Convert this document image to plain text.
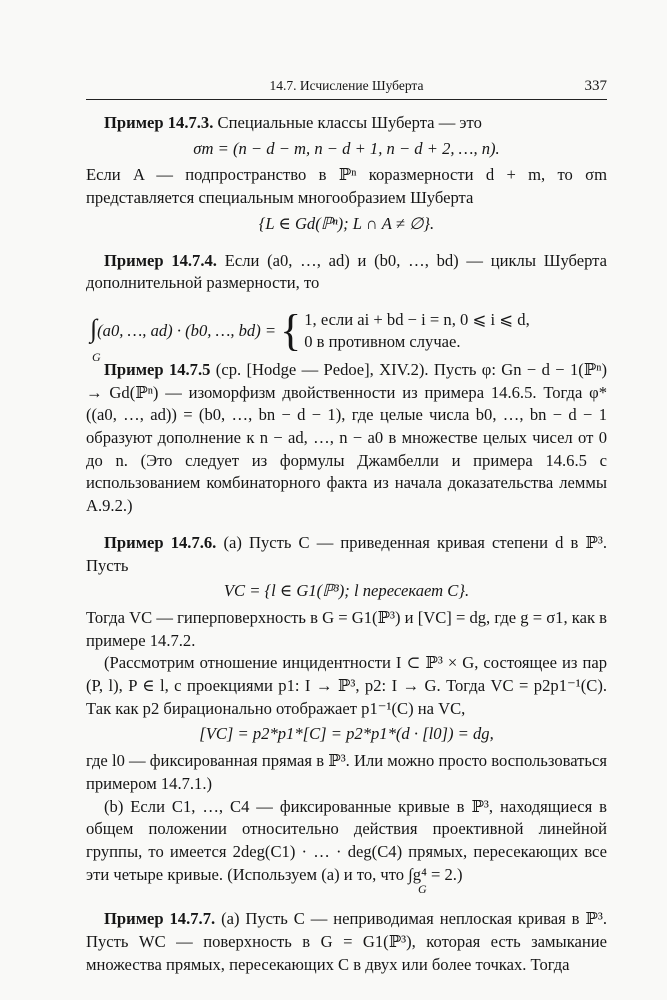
14.7. Исчисление Шуберта	337

Пример 14.7.3. Специальные классы Шуберта — это

σm = (n − d − m, n − d + 1, n − d + 2, …, n).

Если A — подпространство в ℙⁿ коразмерности d + m, то σm представляется специальным многообразием Шуберта

{L ∈ Gd(ℙⁿ); L ∩ A ≠ ∅}.

Пример 14.7.4. Если (a0, …, ad) и (b0, …, bd) — циклы Шуберта дополнительной размерности, то

∫
G
(a0, …, ad) · (b0, …, bd) = { 1, если ai + bd − i = n, 0 ⩽ i ⩽ d,
0 в противном случае.

Пример 14.7.5 (ср. [Hodge — Pedoe], XIV.2). Пусть φ: Gn − d − 1(ℙⁿ) → Gd(ℙⁿ) — изоморфизм двойственности из примера 14.6.5. Тогда φ*((a0, …, ad)) = (b0, …, bn − d − 1), где целые числа b0, …, bn − d − 1 образуют дополнение к n − ad, …, n − a0 в множестве целых чисел от 0 до n. (Это следует из формулы Джамбелли и примера 14.6.5 с использованием комбинаторного факта из начала доказательства леммы A.9.2.)

Пример 14.7.6. (a) Пусть C — приведенная кривая степени d в ℙ³. Пусть

VC = {l ∈ G1(ℙ³); l пересекает C}.

Тогда VC — гиперповерхность в G = G1(ℙ³) и [VC] = dg, где g = σ1, как в примере 14.7.2.

(Рассмотрим отношение инцидентности I ⊂ ℙ³ × G, состоящее из пар (P, l), P ∈ l, с проекциями p1: I → ℙ³, p2: I → G. Тогда VC = p2p1⁻¹(C). Так как p2 бирационально отображает p1⁻¹(C) на VC,

[VC] = p2*p1*[C] = p2*p1*(d · [l0]) = dg,

где l0 — фиксированная прямая в ℙ³. Или можно просто воспользоваться примером 14.7.1.)

(b) Если C1, …, C4 — фиксированные кривые в ℙ³, находящиеся в общем положении относительно действия проективной линейной группы, то имеется 2deg(C1) · … · deg(C4) прямых, пересекающих все эти четыре кривые. (Используем (a) и то, что ∫g⁴ = 2.)

G

Пример 14.7.7. (a) Пусть C — неприводимая неплоская кривая в ℙ³. Пусть WC — поверхность в G = G1(ℙ³), которая есть замыкание множества прямых, пересекающих C в двух или более точках. Тогда
